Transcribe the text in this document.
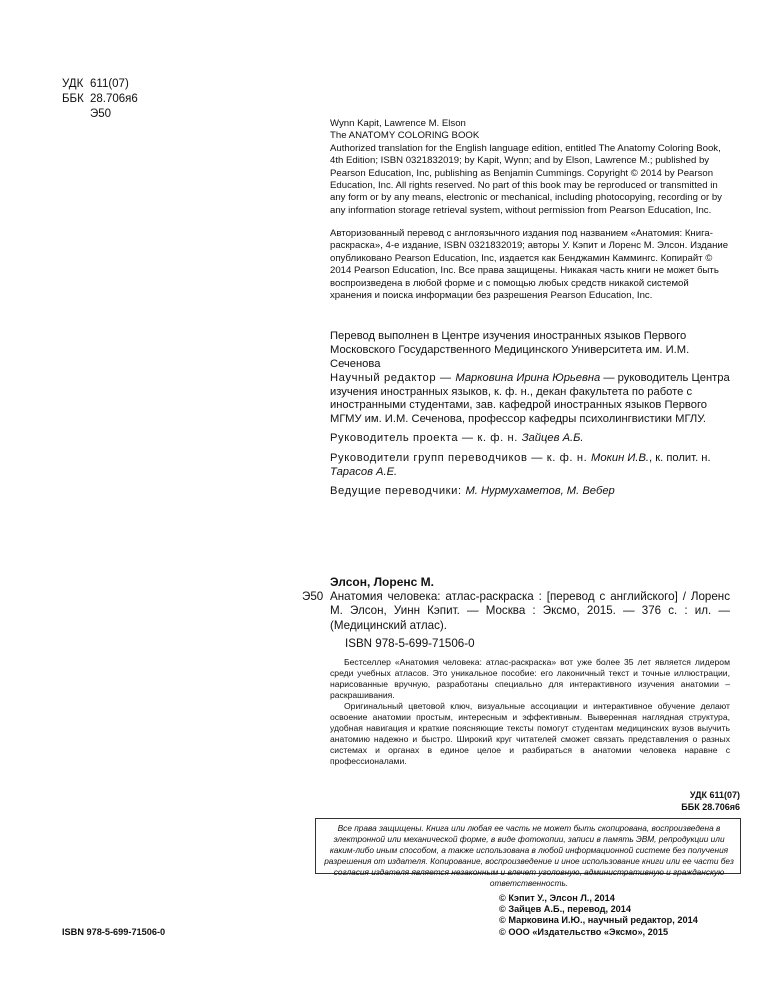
УДК 611(07)
ББК 28.706я6
Э50
Wynn Kapit, Lawrence M. Elson
The ANATOMY COLORING BOOK
Authorized translation for the English language edition, entitled The Anatomy Coloring Book, 4th Edition; ISBN 0321832019; by Kapit, Wynn; and by Elson, Lawrence M.; published by Pearson Education, Inc, publishing as Benjamin Cummings. Copyright © 2014 by Pearson Education, Inc. All rights reserved. No part of this book may be reproduced or transmitted in any form or by any means, electronic or mechanical, including photocopying, recording or by any information storage retrieval system, without permission from Pearson Education, Inc.
Авторизованный перевод с англоязычного издания под названием «Анатомия: Книга-раскраска», 4-е издание, ISBN 0321832019; авторы У. Кэпит и Лоренс М. Элсон. Издание опубликовано Pearson Education, Inc, издается как Бенджамин Каммингс. Копирайт © 2014 Pearson Education, Inc. Все права защищены. Никакая часть книги не может быть воспроизведена в любой форме и с помощью любых средств никакой системой хранения и поиска информации без разрешения Pearson Education, Inc.
Перевод выполнен в Центре изучения иностранных языков Первого Московского Государственного Медицинского Университета им. И.М. Сеченова

Научный редактор — Марковина Ирина Юрьевна — руководитель Центра изучения иностранных языков, к. ф. н., декан факультета по работе с иностранными студентами, зав. кафедрой иностранных языков Первого МГМУ им. И.М. Сеченова, профессор кафедры психолингвистики МГЛУ.

Руководитель проекта — к. ф. н. Зайцев А.Б.

Руководители групп переводчиков — к. ф. н. Мокин И.В., к. полит. н. Тарасов А.Е.

Ведущие переводчики: М. Нурмухаметов, М. Вебер

Элсон, Лоренс М.
Э50 Анатомия человека: атлас-раскраска : [перевод с английского] / Лоренс М. Элсон, Уинн Кэпит. — Москва : Эксмо, 2015. — 376 с. : ил. — (Медицинский атлас).
ISBN 978-5-699-71506-0

Бестселлер «Анатомия человека: атлас-раскраска» вот уже более 35 лет является лидером среди учебных атласов. Это уникальное пособие: его лаконичный текст и точные иллюстрации, нарисованные вручную, разработаны специально для интерактивного изучения анатомии – раскрашивания.

Оригинальный цветовой ключ, визуальные ассоциации и интерактивное обучение делают освоение анатомии простым, интересным и эффективным. Выверенная наглядная структура, удобная навигация и краткие поясняющие тексты помогут студентам медицинских вузов выучить анатомию надежно и быстро. Широкий круг читателей сможет связать представления о разных системах и органах в единое целое и разбираться в анатомии человека наравне с профессионалами.

УДК 611(07)
ББК 28.706я6

Все права защищены. Книга или любая ее часть не может быть скопирована, воспроизведена в электронной или механической форме, в виде фотокопии, записи в память ЭВМ, репродукции или каким-либо иным способом, а также использована в любой информационной системе без получения разрешения от издателя. Копирование, воспроизведение и иное использование книги или ее части без согласия издателя является незаконным и влечет уголовную, административную и гражданскую ответственность.

ISBN 978-5-699-71506-0
© Кэпит У., Элсон Л., 2014
© Зайцев А.Б., перевод, 2014
© Марковина И.Ю., научный редактор, 2014
© ООО «Издательство «Эксмо», 2015
